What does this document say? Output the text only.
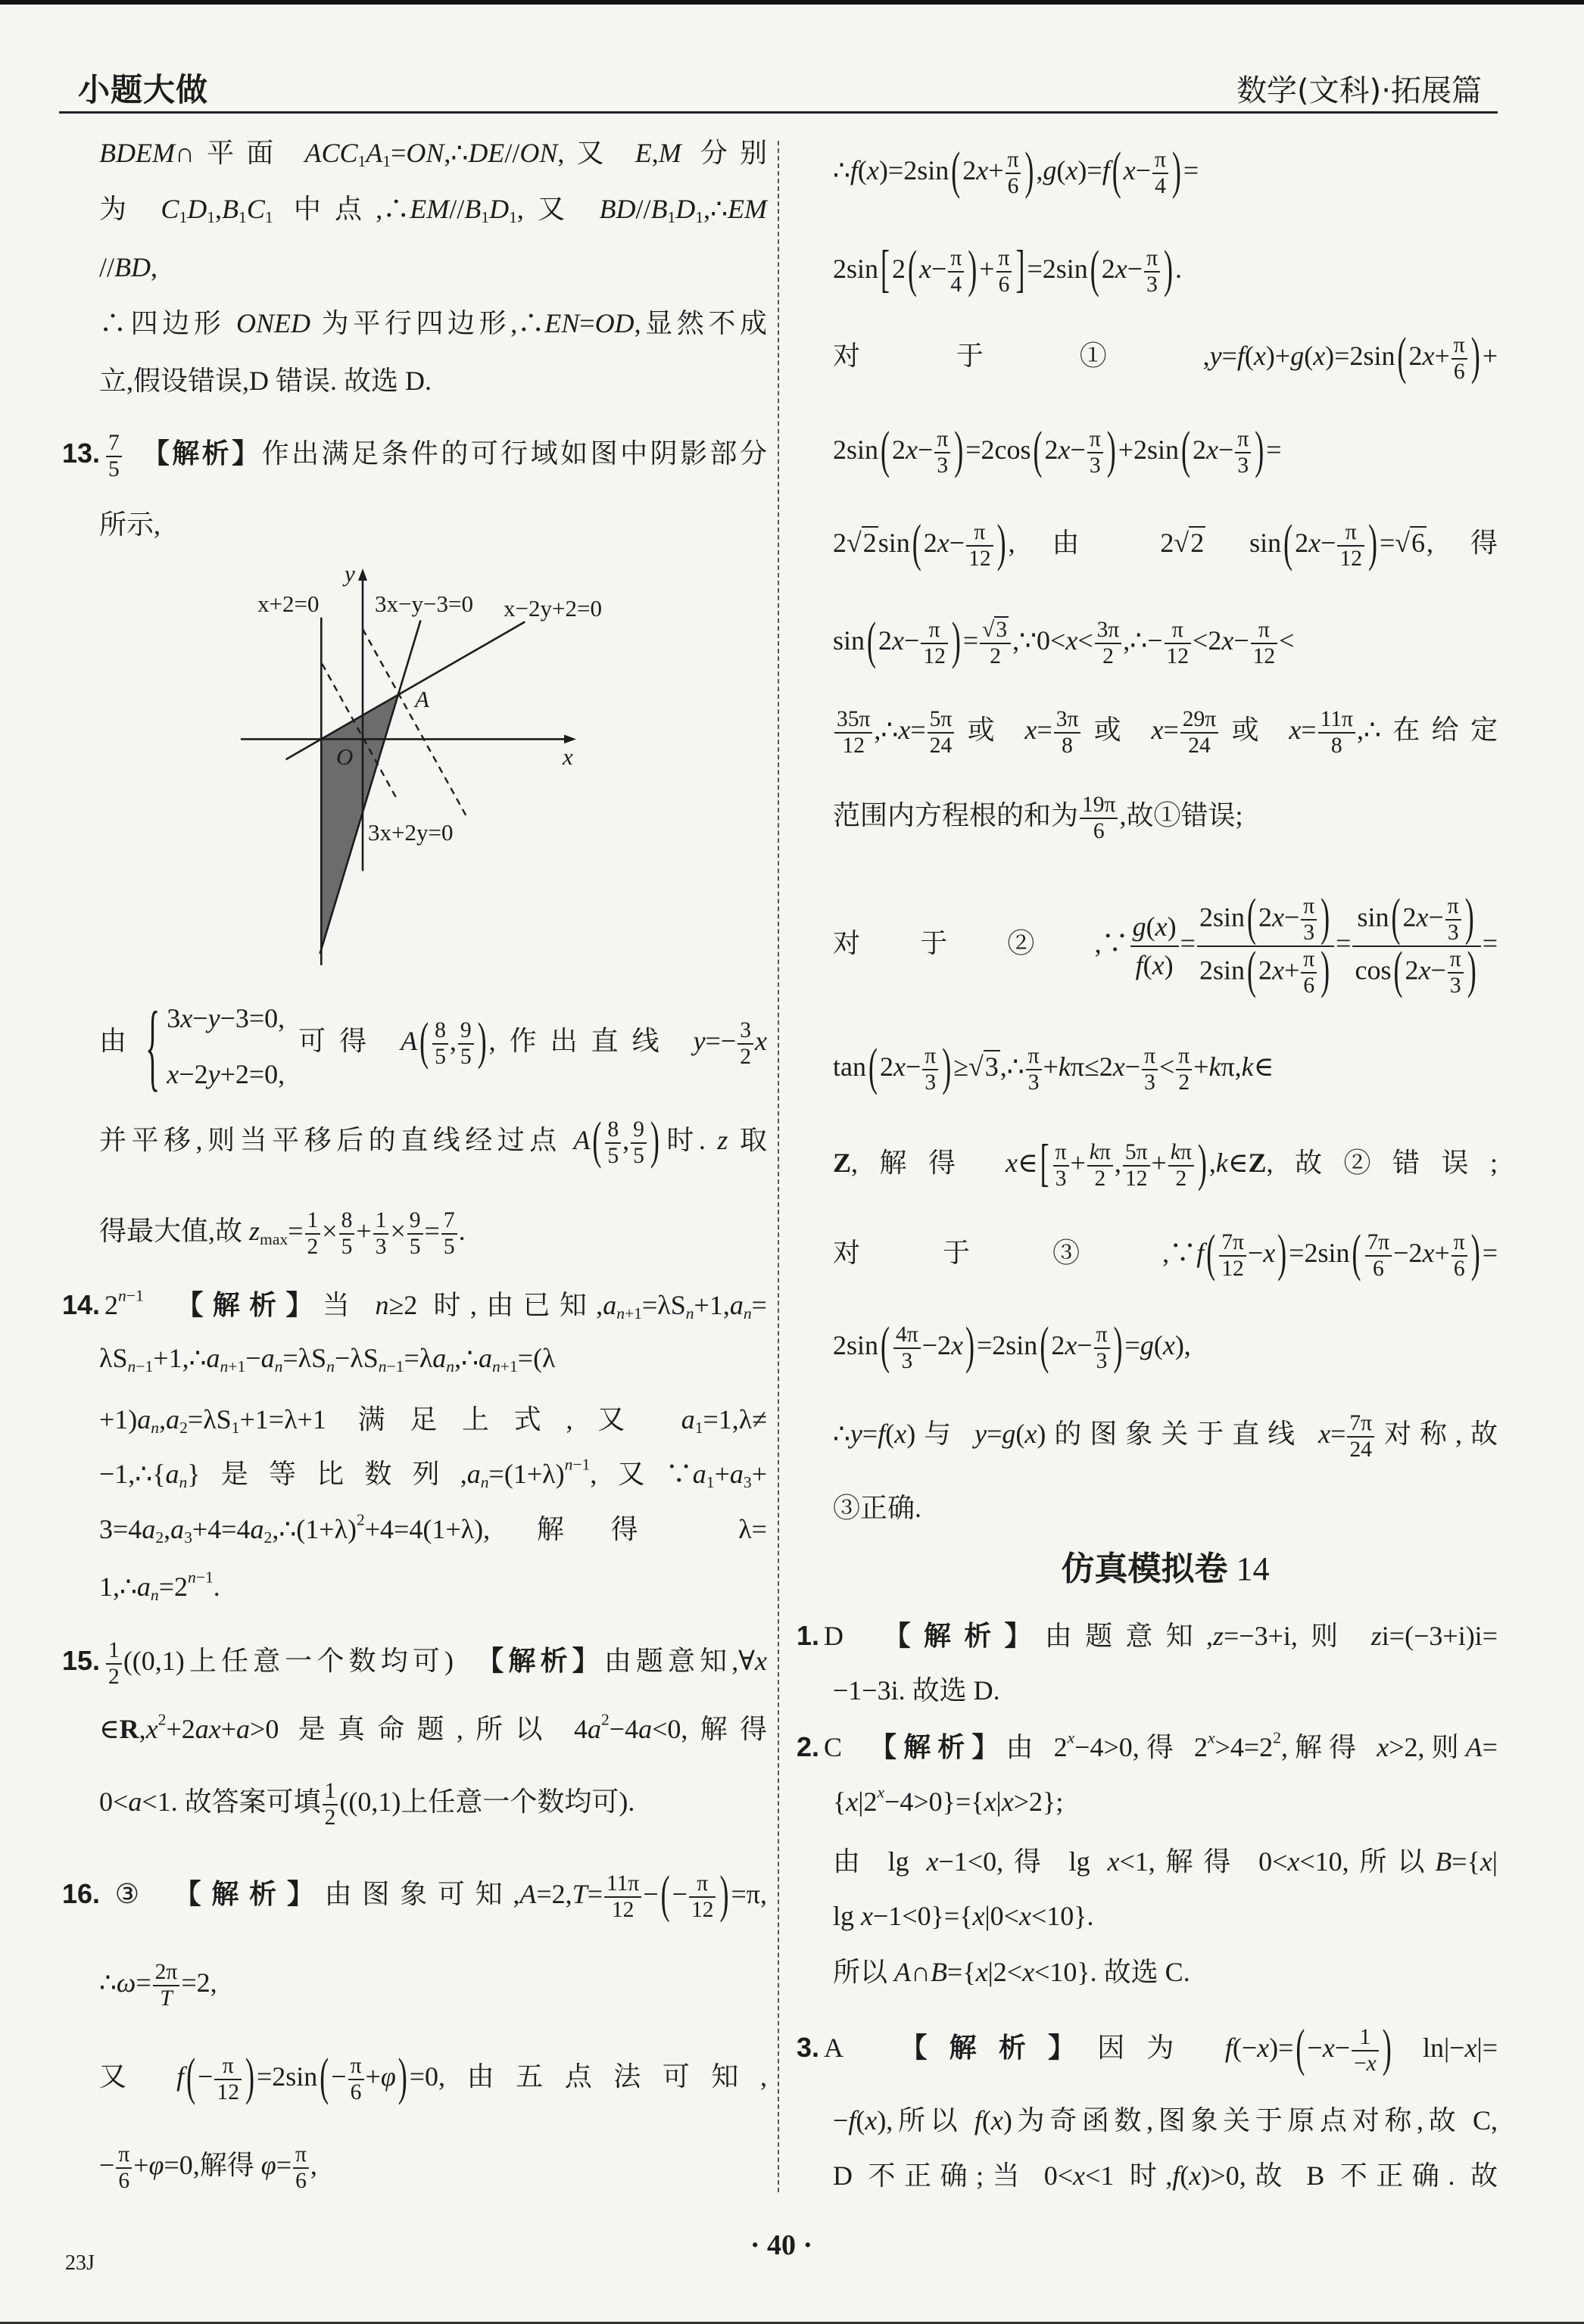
小题大做	数学(文科)·拓展篇
BDEM∩平面 $ACC_1A_1=ON,\therefore DE//ON$,又 E,M 分别
为 $C_1D_1,B_1C_1$ 中点$,\therefore EM//B_1D_1$,又 $BD//B_1D_1,\therefore EM$
//BD,
∴四边形 ONED 为平行四边形,∴EN=OD,显然不成
立,假设错误,D 错误. 故选 D.
13. $\frac{7}{5}$
　 【解析】作出满足条件的可行域如图中阴影部分
所示,
y
x
O
A
x+2=0 3x−y−3=0 x−2y+2=0
3x+2y=0
由 { 3x−y−3=0,
x−2y+2=0,
可得 $A( \frac{8}{5}$ , $\frac{9}{5}$ ),作出直线 $y=- \frac{3}{2}$ x
并平移,则当平移后的直线经过点 $A( \frac{8}{5}$ , $\frac{9}{5}$ )时. z 取
得最大值,故 $z_{max}= \frac{1}{2} \times \frac{8}{5} + \frac{1}{3} \times \frac{9}{5} = \frac{7}{5}$ .
14. $2^{n-1}$　 【解析】当 n≥2 时,由已知$,a_{n+1}=\lambda S_n+1,a_n=$
$\lambda S_{n-1}+1,\therefore a_{n+1}-a_n=\lambda S_n-\lambda S_{n-1}=\lambda a_n,\therefore a_{n+1}=(\lambda$
$+1)a_n,a_2=\lambda S_1+1=\lambda+1$ 满足上式,又 $a_1=1,\lambda\ne$
$-1,\therefore\{a_n\}$是等比数列$,a_n=(1+\lambda)^{n-1}$,又$\because a_1+a_3+$
$3=4a_2,a_3+4=4a_2,\therefore(1+\lambda)^2+4=4(1+\lambda)$,解得 λ=
$1,\therefore a_n=2^{n-1}$.
15. $\frac{1}{2} ((0,1)$上任意一个数均可)　【解析】由题意知,∀x
$\in R,x^2+2ax+a>0$ 是真命题,所以 $4a^2-4a<0$,解得
0<a<1. 故答案可填 $\frac{1}{2} ((0,1)$上任意一个数均可).
16. ③　【解析】由图象可知$,A=2,T= \frac{11\pi}{12}$ −(− $\frac{\pi}{12} )=\pi$,
∴ω= $\frac{2\pi}{T} =2$,
又 $f(- \frac{\pi}{12} )=2\sin(- \frac{\pi}{6} +\varphi)=0$,由五点法可知,
− $\frac{\pi}{6} +\varphi=0$,解得 $\varphi= \frac{\pi}{6}$ ,
∴f(x)=2sin(2x+ $\frac{\pi}{6} ),g(x)=f(x- \frac{\pi}{4}$ )=
$2\sin[2(x- \frac{\pi}{4}$ )+ $\frac{\pi}{6} ]=2\sin(2x- \frac{\pi}{3}$ ).
对于①,y=f(x)+g(x)=2sin(2x+ $\frac{\pi}{6}$ )+
$2\sin(2x- \frac{\pi}{3} )=2\cos(2x- \frac{\pi}{3} )+2\sin(2x- \frac{\pi}{3}$ )=
$2√2\sin(2x- \frac{\pi}{12}$ ),由 2√2 $\sin(2x- \frac{\pi}{12} )=√6$,得
$\sin(2x- \frac{\pi}{12}$ )= $\frac{√3}{2}$ ,∵0<x< $\frac{3\pi}{2}$ ,∴− $\frac{\pi}{12} <2x- \frac{\pi}{12}$ <
$\frac{35\pi}{12}$ ,∴x= $\frac{5\pi}{24}$ 或 $x= \frac{3\pi}{8}$ 或 $x= \frac{29\pi}{24}$ 或 $x= \frac{11\pi}{8}$ ,∴在给定
范围内方程根的和为 $\frac{19\pi}{6}$ ,故①错误;
对于②,∵ $\frac{g(x)}{f(x)} = \frac{2\sin(2x- \frac{\pi}{3} )}{2\sin(2x+ \frac{\pi}{6} )} = \frac{\sin(2x- \frac{\pi}{3} )}{\cos(2x- \frac{\pi}{3} )}$ =
$\tan(2x- \frac{\pi}{3}$ )≥√3,∴ $\frac{\pi}{3} +k\pi\le 2x- \frac{\pi}{3} < \frac{\pi}{2}$ +kπ,k∈
Z,解得 x∈[ $\frac{\pi}{3} + \frac{k\pi}{2}$ , $\frac{5\pi}{12} + \frac{k\pi}{2}$ ),k∈Z,故②错误;
对于③,∵f( $\frac{7\pi}{12} -x)=2\sin( \frac{7\pi}{6} -2x+ \frac{\pi}{6}$ )=
$2\sin( \frac{4\pi}{3} -2x)=2\sin(2x- \frac{\pi}{3} )=g(x)$,
∴y=f(x)与 y=g(x)的图象关于直线 $x= \frac{7\pi}{24}$ 对称,故
③正确.
仿真模拟卷 14
1. D　【解析】由题意知,z=−3+i,则 zi=(−3+i)i=
−1−3i. 故选 D.
2. C　【解析】由 $2^x-4>0$,得 $2^x>4=2^2$,解得 x>2,则A=
$\{x|2^x-4>0\}=\{x|x>2\}$;
由 lg x−1<0,得 lg x<1,解得 0<x<10,所以B={x|
lg x−1<0}={x|0<x<10}.
所以 A∩B={x|2<x<10}. 故选 C.
3. A　【解析】因为 $f(-x)=(-x- \frac{1}{-x}$ ) ln|−x|=
−f(x),所以 f(x)为奇函数,图象关于原点对称,故 C,
D 不正确;当 0<x<1 时,f(x)>0,故 B 不正确. 故
23J
· 40 ·
